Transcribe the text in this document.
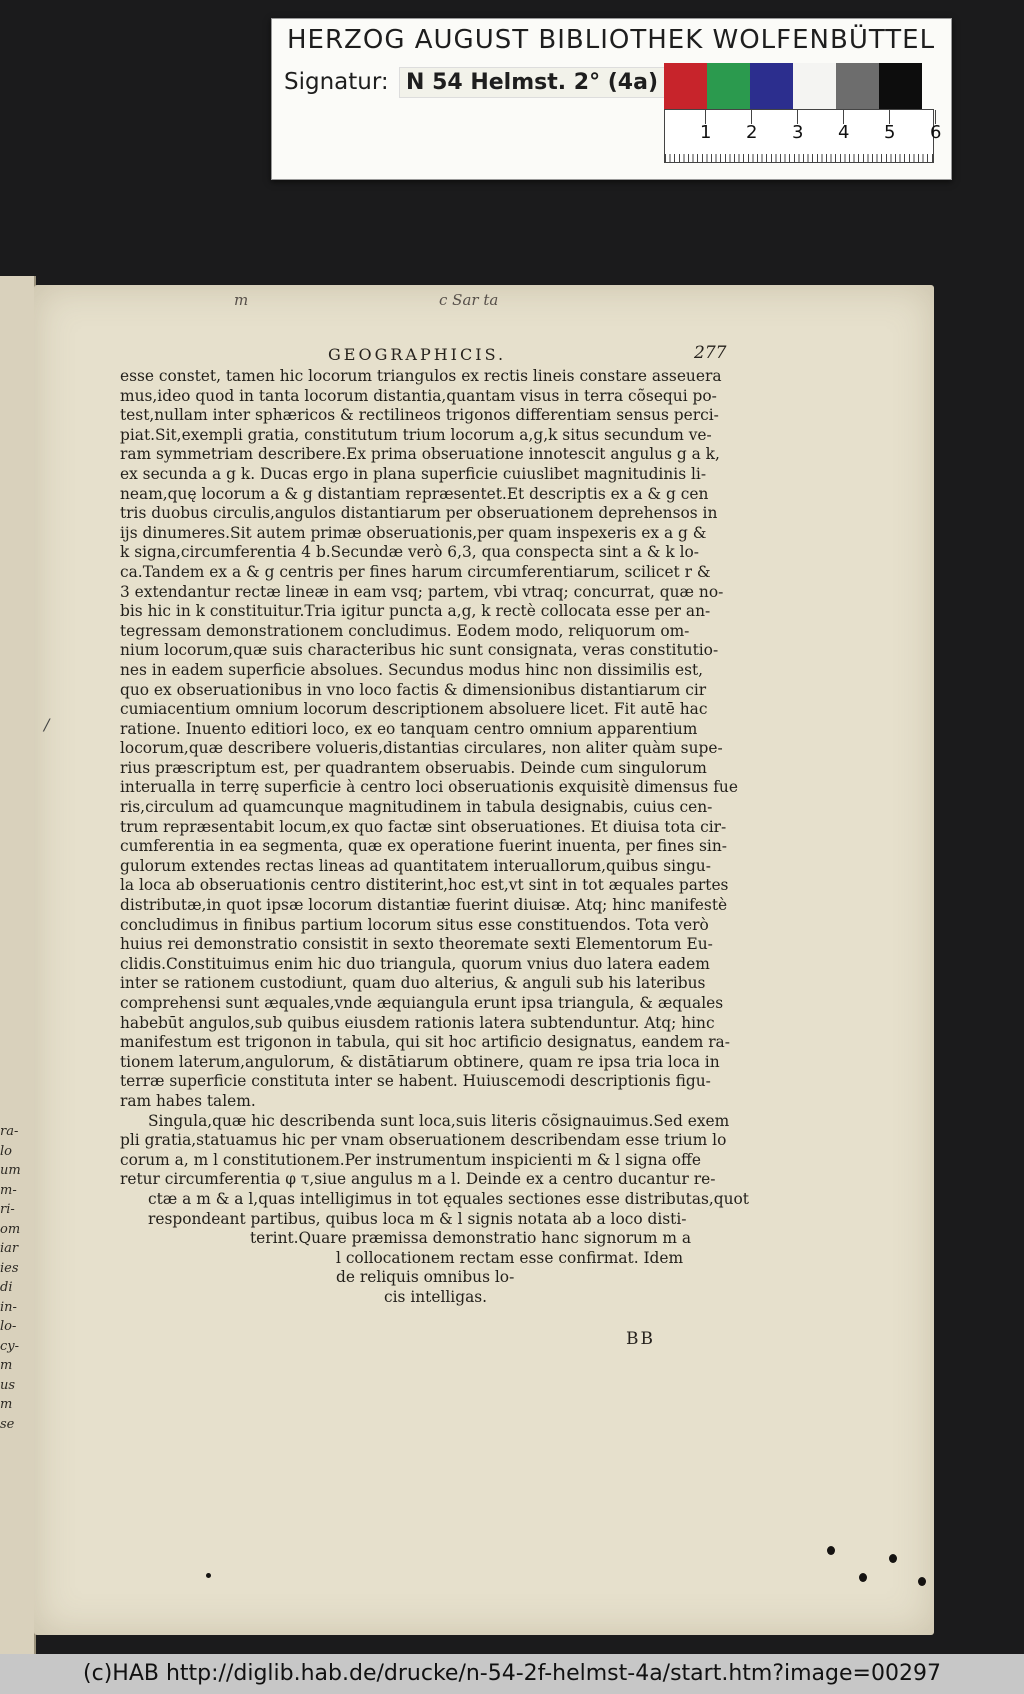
HERZOG AUGUST BIBLIOTHEK WOLFENBÜTTEL
Signatur: N 54 Helmst. 2° (4a)
1 2 3 4 5 6
ra-
lo
um
m-
ri-
om
iar
ies
di
in-
lo-
cy-
m
us
m
se
m	c Sar ta
/
GEOGRAPHICIS.	277
esse constet, tamen hic locorum triangulos ex rectis lineis constare asseuera
mus,ideo quod in tanta locorum distantia,quantam visus in terra cõsequi po-
test,nullam inter sphæricos & rectilineos trigonos differentiam sensus perci-
piat.Sit,exempli gratia, constitutum trium locorum a,g,k situs secundum ve-
ram symmetriam describere.Ex prima obseruatione innotescit angulus g a k,
ex secunda a g k. Ducas ergo in plana superficie cuiuslibet magnitudinis li-
neam,quę locorum a & g distantiam repræsentet.Et descriptis ex a & g cen
tris duobus circulis,angulos distantiarum per obseruationem deprehensos in
ijs dinumeres.Sit autem primæ obseruationis,per quam inspexeris ex a g &
k signa,circumferentia 4 b.Secundæ verò 6,3, qua conspecta sint a & k lo-
ca.Tandem ex a & g centris per fines harum circumferentiarum, scilicet r &
3 extendantur rectæ lineæ in eam vsq; partem, vbi vtraq; concurrat, quæ no-
bis hic in k constituitur.Tria igitur puncta a,g, k rectè collocata esse per an-
tegressam demonstrationem concludimus. Eodem modo, reliquorum om-
nium locorum,quæ suis characteribus hic sunt consignata, veras constitutio-
nes in eadem superficie absolues. Secundus modus hinc non dissimilis est,
quo ex obseruationibus in vno loco factis & dimensionibus distantiarum cir
cumiacentium omnium locorum descriptionem absoluere licet. Fit autē hac
ratione. Inuento editiori loco, ex eo tanquam centro omnium apparentium
locorum,quæ describere volueris,distantias circulares, non aliter quàm supe-
rius præscriptum est, per quadrantem obseruabis. Deinde cum singulorum
interualla in terrę superficie à centro loci obseruationis exquisitè dimensus fue
ris,circulum ad quamcunque magnitudinem in tabula designabis, cuius cen-
trum repræsentabit locum,ex quo factæ sint obseruationes. Et diuisa tota cir-
cumferentia in ea segmenta, quæ ex operatione fuerint inuenta, per fines sin-
gulorum extendes rectas lineas ad quantitatem interuallorum,quibus singu-
la loca ab obseruationis centro distiterint,hoc est,vt sint in tot æquales partes
distributæ,in quot ipsæ locorum distantiæ fuerint diuisæ. Atq; hinc manifestè
concludimus in finibus partium locorum situs esse constituendos. Tota verò
huius rei demonstratio consistit in sexto theoremate sexti Elementorum Eu-
clidis.Constituimus enim hic duo triangula, quorum vnius duo latera eadem
inter se rationem custodiunt, quam duo alterius, & anguli sub his lateribus
comprehensi sunt æquales,vnde æquiangula erunt ipsa triangula, & æquales
habebūt angulos,sub quibus eiusdem rationis latera subtenduntur. Atq; hinc
manifestum est trigonon in tabula, qui sit hoc artificio designatus, eandem ra-
tionem laterum,angulorum, & distātiarum obtinere, quam re ipsa tria loca in
terræ superficie constituta inter se habent. Huiuscemodi descriptionis figu-
ram habes talem.
Singula,quæ hic describenda sunt loca,suis literis cõsignauimus.Sed exem
pli gratia,statuamus hic per vnam obseruationem describendam esse trium lo
corum a, m l constitutionem.Per instrumentum inspicienti m & l signa offe
retur circumferentia φ τ,siue angulus m a l. Deinde ex a centro ducantur re-
ctæ a m & a l,quas intelligimus in tot ęquales sectiones esse distributas,quot
respondeant partibus, quibus loca m & l signis notata ab a loco disti-
terint.Quare præmissa demonstratio hanc signorum m a
l collocationem rectam esse confirmat. Idem
de reliquis omnibus lo-
cis intelligas.
BB
(c)HAB http://diglib.hab.de/drucke/n-54-2f-helmst-4a/start.htm?image=00297
